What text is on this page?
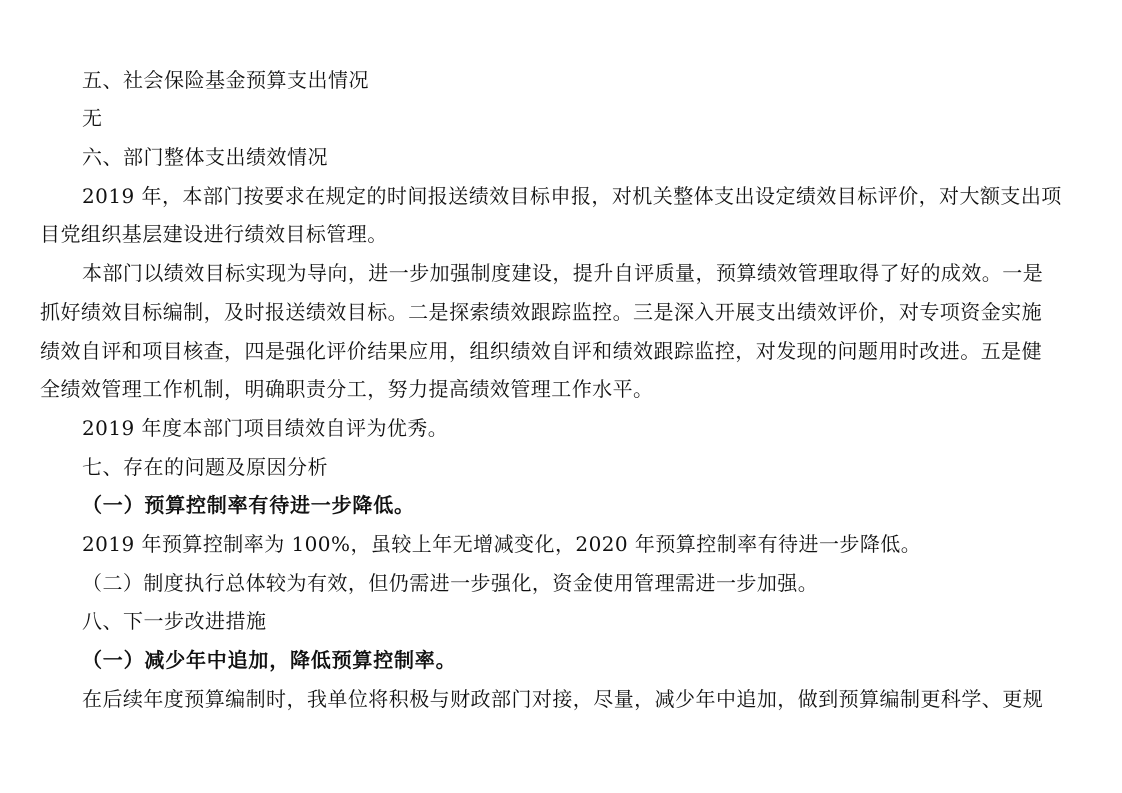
五、社会保险基金预算支出情况
无
六、部门整体支出绩效情况
2019 年，本部门按要求在规定的时间报送绩效目标申报，对机关整体支出设定绩效目标评价，对大额支出项
目党组织基层建设进行绩效目标管理。
本部门以绩效目标实现为导向，进一步加强制度建设，提升自评质量，预算绩效管理取得了好的成效。一是
抓好绩效目标编制，及时报送绩效目标。二是探索绩效跟踪监控。三是深入开展支出绩效评价，对专项资金实施
绩效自评和项目核查，四是强化评价结果应用，组织绩效自评和绩效跟踪监控，对发现的问题用时改进。五是健
全绩效管理工作机制，明确职责分工，努力提高绩效管理工作水平。
2019 年度本部门项目绩效自评为优秀。
七、存在的问题及原因分析
（一）预算控制率有待进一步降低。
2019 年预算控制率为 100%，虽较上年无增减变化，2020 年预算控制率有待进一步降低。
（二）制度执行总体较为有效，但仍需进一步强化，资金使用管理需进一步加强。
八、下一步改进措施
（一）减少年中追加，降低预算控制率。
在后续年度预算编制时，我单位将积极与财政部门对接，尽量，减少年中追加，做到预算编制更科学、更规
